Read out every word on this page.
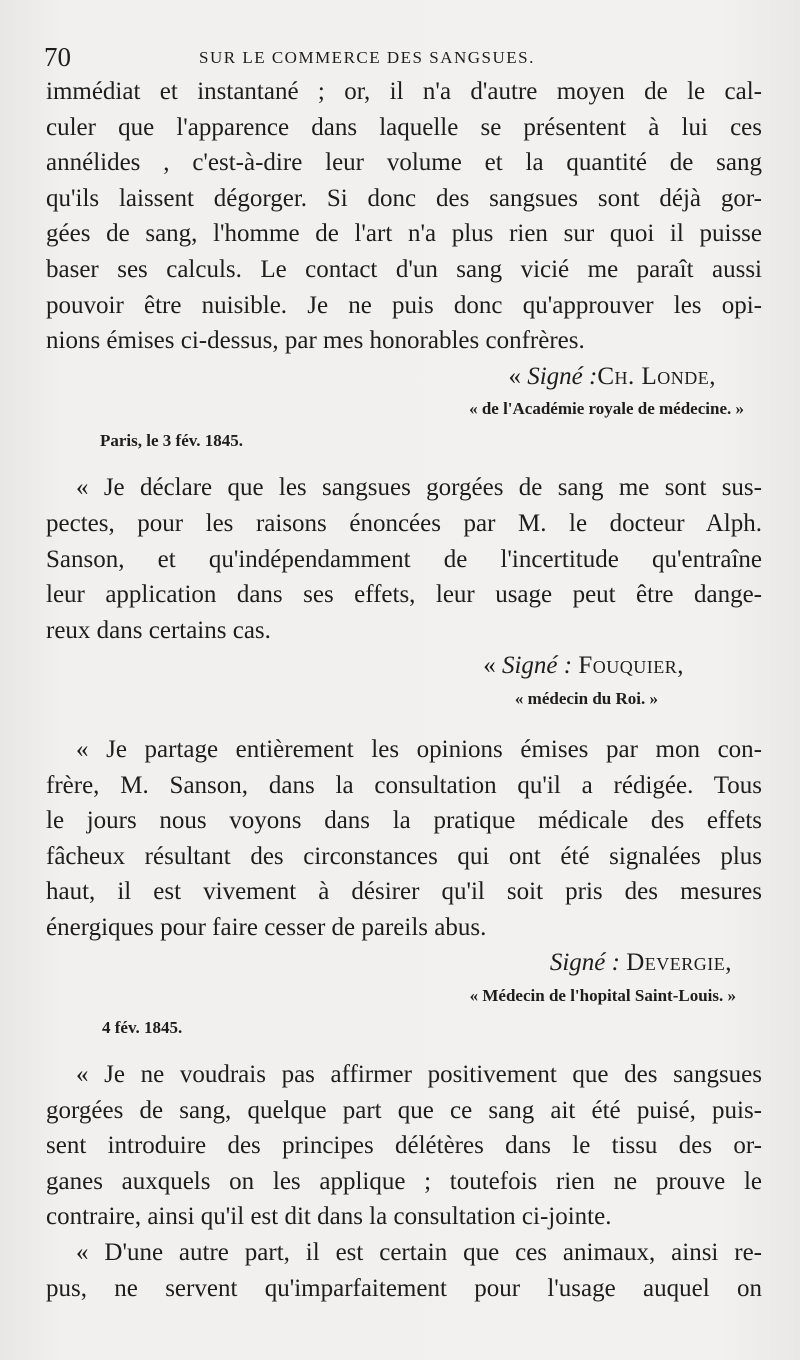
70	SUR LE COMMERCE DES SANGSUES.
immédiat et instantané ; or, il n'a d'autre moyen de le cal-
culer que l'apparence dans laquelle se présentent à lui ces
annélides , c'est-à-dire leur volume et la quantité de sang
qu'ils laissent dégorger. Si donc des sangsues sont déjà gor-
gées de sang, l'homme de l'art n'a plus rien sur quoi il puisse
baser ses calculs. Le contact d'un sang vicié me paraît aussi
pouvoir être nuisible. Je ne puis donc qu'approuver les opi-
nions émises ci-dessus, par mes honorables confrères.
« Signé :Ch. Londe,
« de l'Académie royale de médecine. »
Paris, le 3 fév. 1845.
« Je déclare que les sangsues gorgées de sang me sont sus-
pectes, pour les raisons énoncées par M. le docteur Alph.
Sanson, et qu'indépendamment de l'incertitude qu'entraîne
leur application dans ses effets, leur usage peut être dange-
reux dans certains cas.
« Signé : Fouquier,
« médecin du Roi. »
« Je partage entièrement les opinions émises par mon con-
frère, M. Sanson, dans la consultation qu'il a rédigée. Tous
le jours nous voyons dans la pratique médicale des effets
fâcheux résultant des circonstances qui ont été signalées plus
haut, il est vivement à désirer qu'il soit pris des mesures
énergiques pour faire cesser de pareils abus.
Signé : Devergie,
« Médecin de l'hopital Saint-Louis. »
4 fév. 1845.
« Je ne voudrais pas affirmer positivement que des sangsues
gorgées de sang, quelque part que ce sang ait été puisé, puis-
sent introduire des principes délétères dans le tissu des or-
ganes auxquels on les applique ; toutefois rien ne prouve le
contraire, ainsi qu'il est dit dans la consultation ci-jointe.
« D'une autre part, il est certain que ces animaux, ainsi re-
pus, ne servent qu'imparfaitement pour l'usage auquel on
